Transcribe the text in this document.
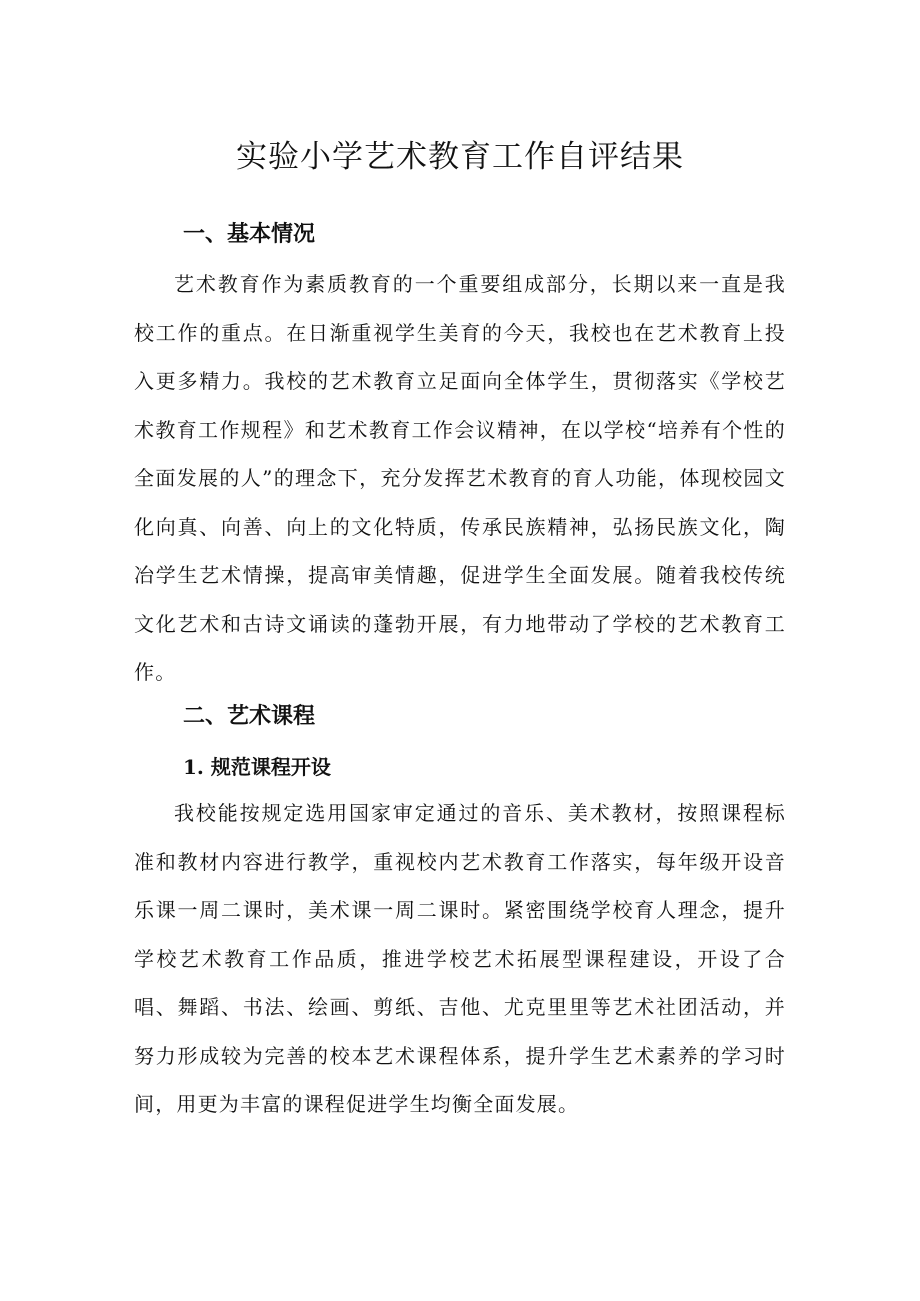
实验小学艺术教育工作自评结果
一、基本情况

艺术教育作为素质教育的一个重要组成部分，长期以来一直是我校工作的重点。在日渐重视学生美育的今天，我校也在艺术教育上投入更多精力。我校的艺术教育立足面向全体学生，贯彻落实《学校艺术教育工作规程》和艺术教育工作会议精神，在以学校“培养有个性的全面发展的人”的理念下，充分发挥艺术教育的育人功能，体现校园文化向真、向善、向上的文化特质，传承民族精神，弘扬民族文化，陶冶学生艺术情操，提高审美情趣，促进学生全面发展。随着我校传统文化艺术和古诗文诵读的蓬勃开展，有力地带动了学校的艺术教育工作。

二、艺术课程
1. 规范课程开设

我校能按规定选用国家审定通过的音乐、美术教材，按照课程标准和教材内容进行教学，重视校内艺术教育工作落实，每年级开设音乐课一周二课时，美术课一周二课时。紧密围绕学校育人理念，提升学校艺术教育工作品质，推进学校艺术拓展型课程建设，开设了合唱、舞蹈、书法、绘画、剪纸、吉他、尤克里里等艺术社团活动，并努力形成较为完善的校本艺术课程体系，提升学生艺术素养的学习时间，用更为丰富的课程促进学生均衡全面发展。
